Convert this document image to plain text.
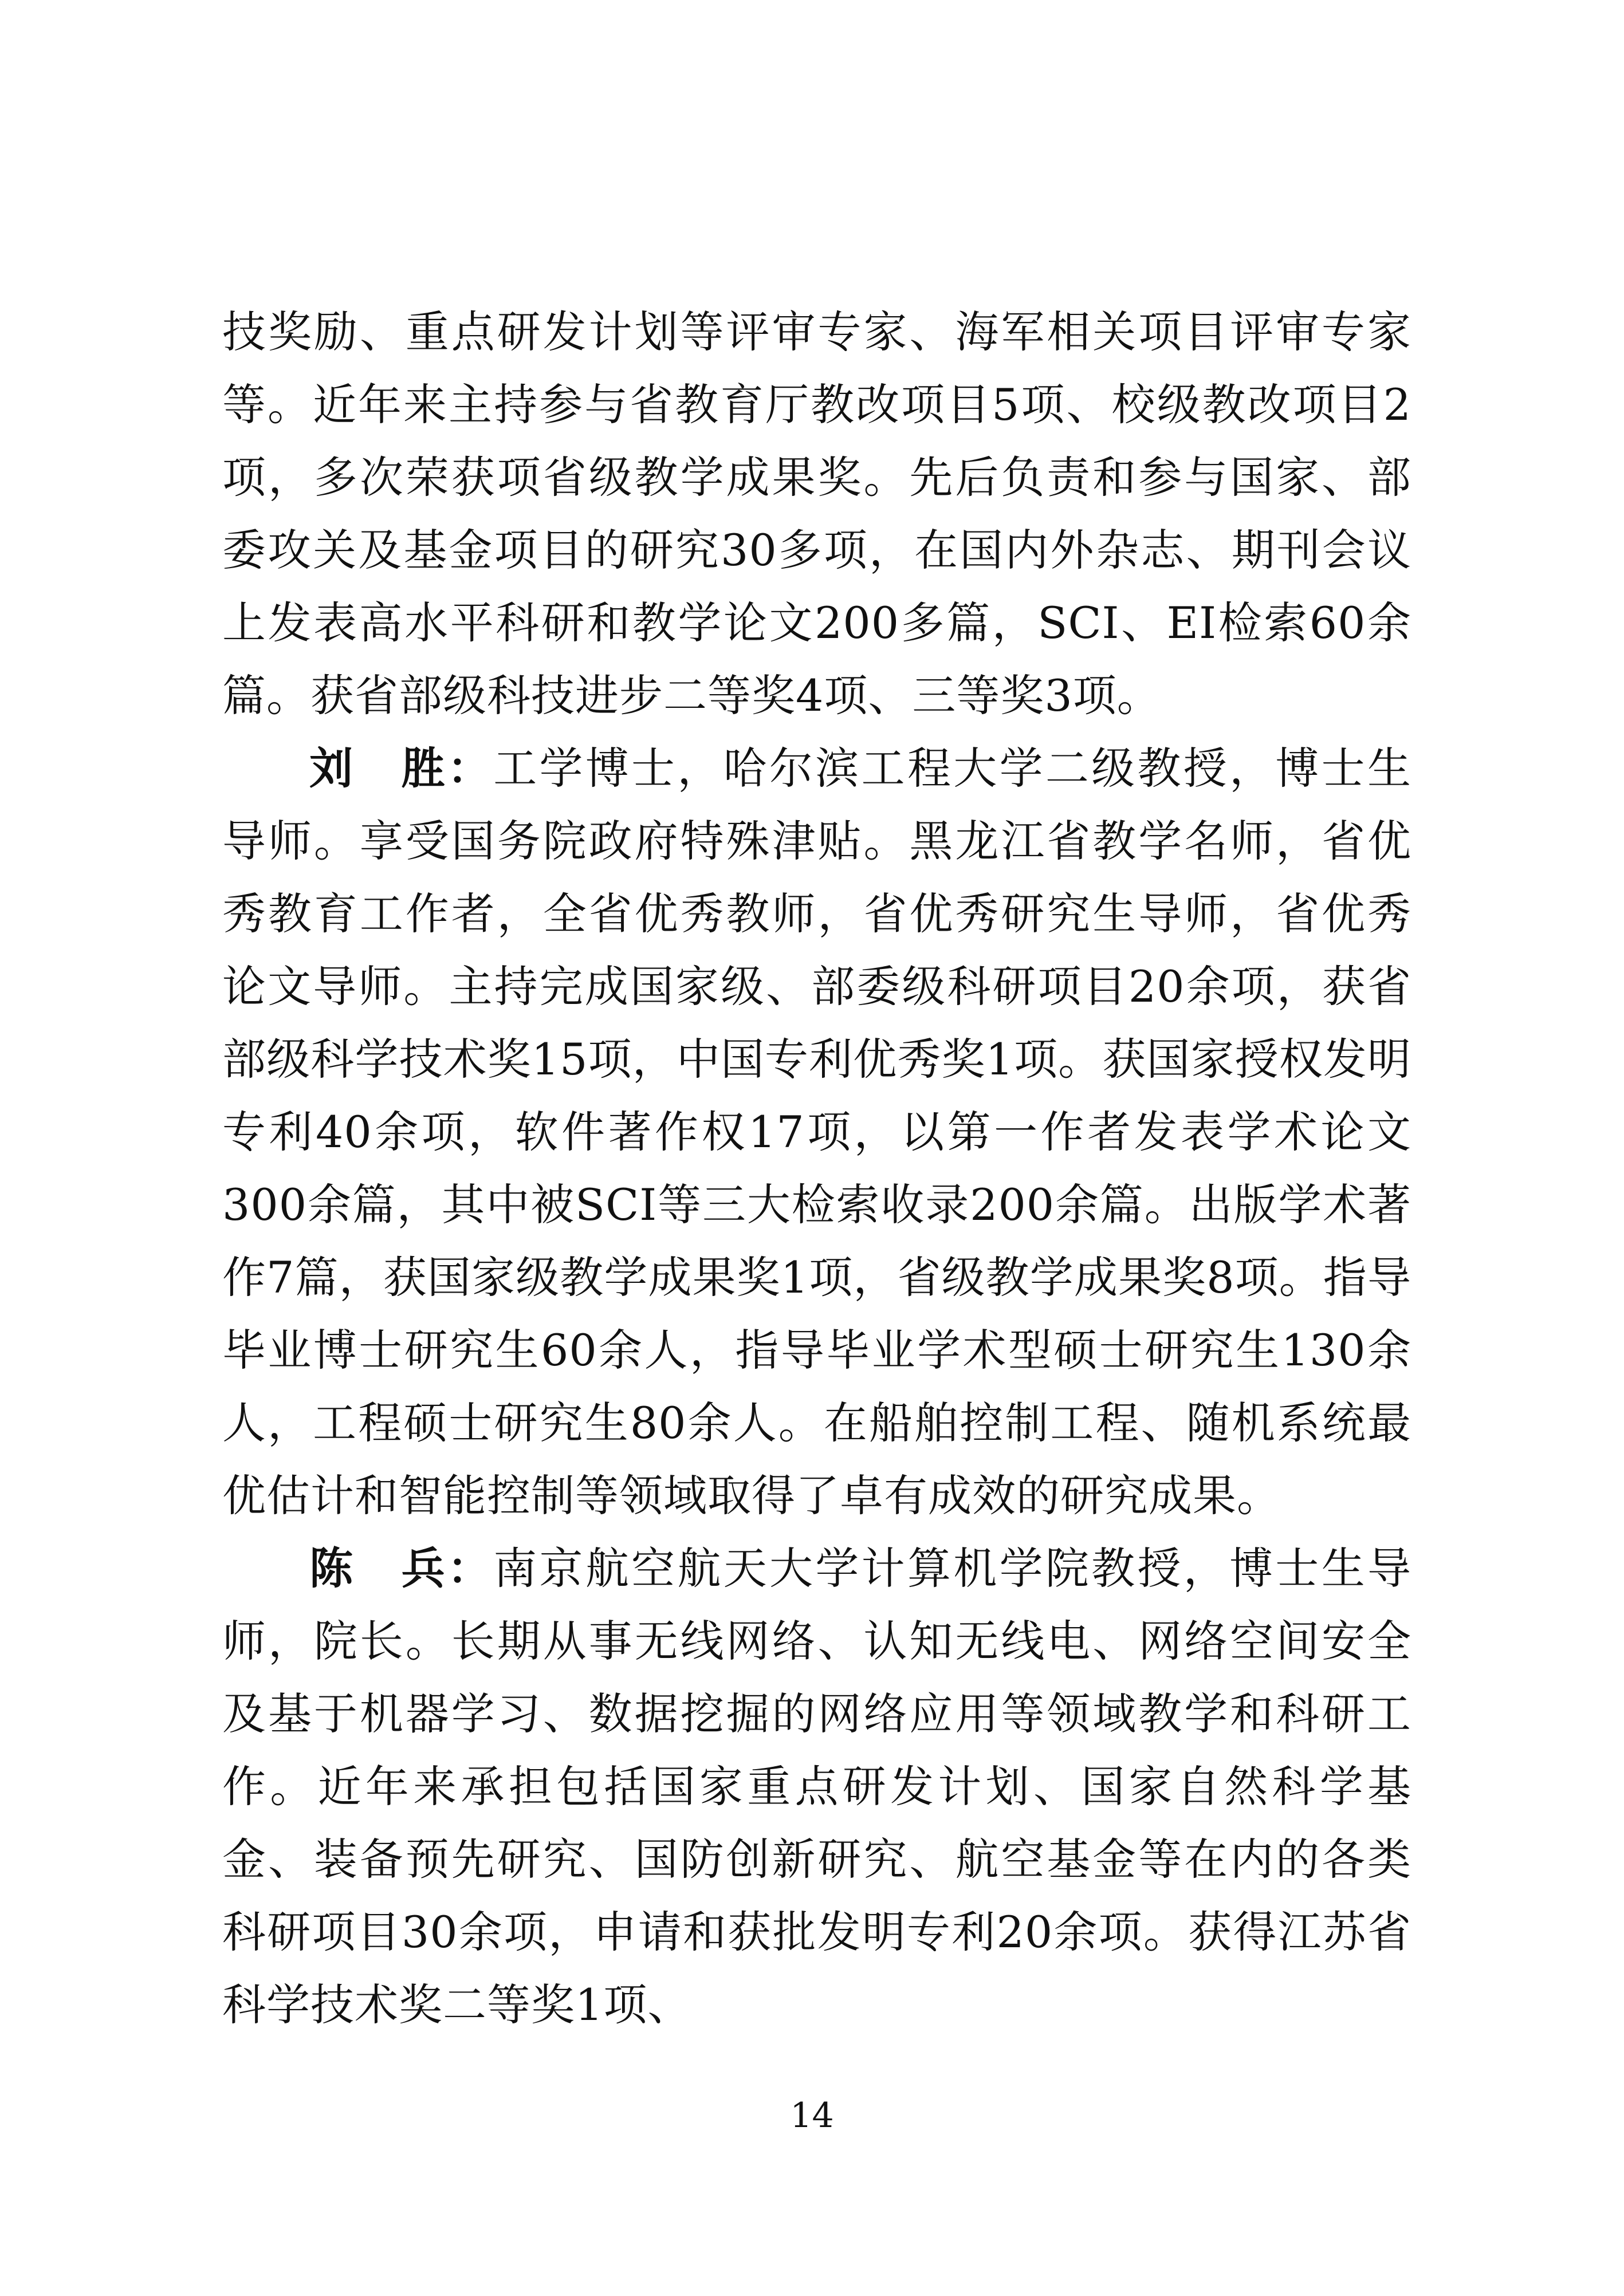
技奖励、重点研发计划等评审专家、海军相关项目评审专家等。近年来主持参与省教育厅教改项目5项、校级教改项目2项，多次荣获项省级教学成果奖。先后负责和参与国家、部委攻关及基金项目的研究30多项，在国内外杂志、期刊会议上发表高水平科研和教学论文200多篇，SCI、EI检索60余篇。获省部级科技进步二等奖4项、三等奖3项。

刘　胜：工学博士，哈尔滨工程大学二级教授，博士生导师。享受国务院政府特殊津贴。黑龙江省教学名师，省优秀教育工作者，全省优秀教师，省优秀研究生导师，省优秀论文导师。主持完成国家级、部委级科研项目20余项，获省部级科学技术奖15项，中国专利优秀奖1项。获国家授权发明专利40余项，软件著作权17项，以第一作者发表学术论文300余篇，其中被SCI等三大检索收录200余篇。出版学术著作7篇，获国家级教学成果奖1项，省级教学成果奖8项。指导毕业博士研究生60余人，指导毕业学术型硕士研究生130余人，工程硕士研究生80余人。在船舶控制工程、随机系统最优估计和智能控制等领域取得了卓有成效的研究成果。

陈　兵：南京航空航天大学计算机学院教授，博士生导师，院长。长期从事无线网络、认知无线电、网络空间安全及基于机器学习、数据挖掘的网络应用等领域教学和科研工作。近年来承担包括国家重点研发计划、国家自然科学基金、装备预先研究、国防创新研究、航空基金等在内的各类科研项目30余项，申请和获批发明专利20余项。获得江苏省科学技术奖二等奖1项、

14
